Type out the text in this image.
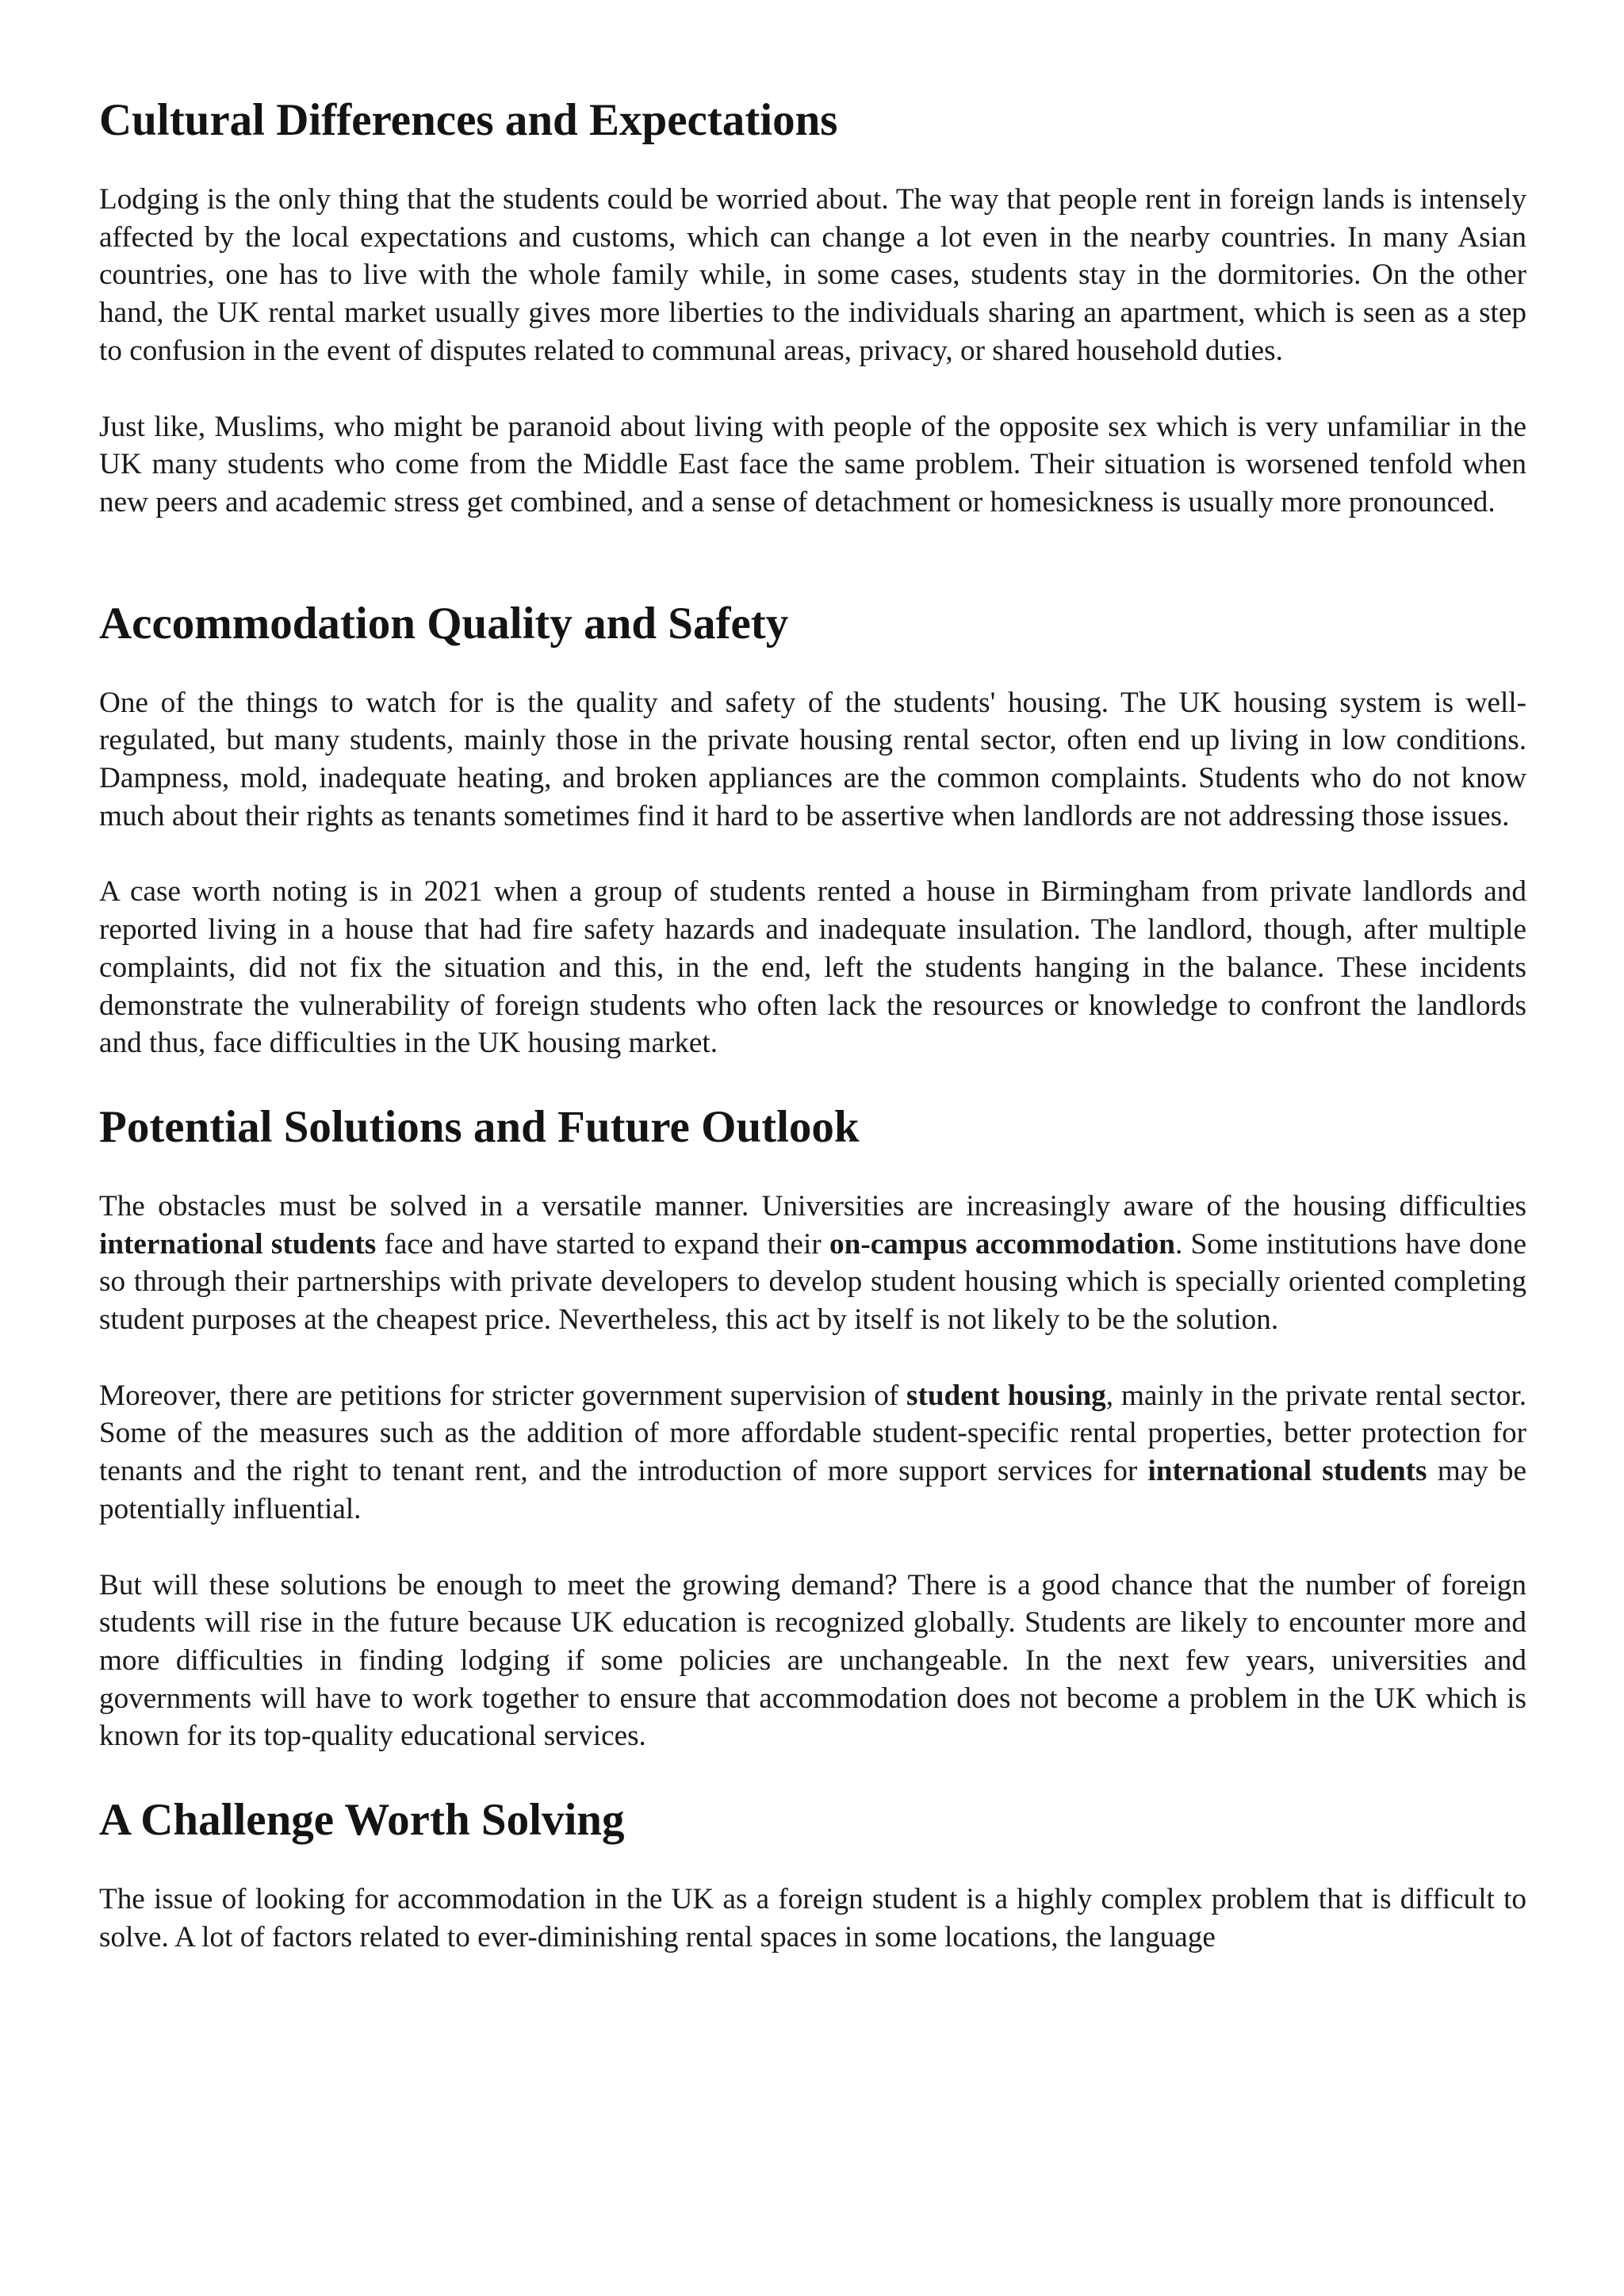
Cultural Differences and Expectations

Lodging is the only thing that the students could be worried about. The way that people rent in foreign lands is intensely affected by the local expectations and customs, which can change a lot even in the nearby countries. In many Asian countries, one has to live with the whole family while, in some cases, students stay in the dormitories. On the other hand, the UK rental market usually gives more liberties to the individuals sharing an apartment, which is seen as a step to confusion in the event of disputes related to communal areas, privacy, or shared household duties.

Just like, Muslims, who might be paranoid about living with people of the opposite sex which is very unfamiliar in the UK many students who come from the Middle East face the same problem. Their situation is worsened tenfold when new peers and academic stress get combined, and a sense of detachment or homesickness is usually more pronounced.

Accommodation Quality and Safety

One of the things to watch for is the quality and safety of the students' housing. The UK housing system is well-regulated, but many students, mainly those in the private housing rental sector, often end up living in low conditions. Dampness, mold, inadequate heating, and broken appliances are the common complaints. Students who do not know much about their rights as tenants sometimes find it hard to be assertive when landlords are not addressing those issues.

A case worth noting is in 2021 when a group of students rented a house in Birmingham from private landlords and reported living in a house that had fire safety hazards and inadequate insulation. The landlord, though, after multiple complaints, did not fix the situation and this, in the end, left the students hanging in the balance. These incidents demonstrate the vulnerability of foreign students who often lack the resources or knowledge to confront the landlords and thus, face difficulties in the UK housing market.

Potential Solutions and Future Outlook

The obstacles must be solved in a versatile manner. Universities are increasingly aware of the housing difficulties international students face and have started to expand their on-campus accommodation. Some institutions have done so through their partnerships with private developers to develop student housing which is specially oriented completing student purposes at the cheapest price. Nevertheless, this act by itself is not likely to be the solution.

Moreover, there are petitions for stricter government supervision of student housing, mainly in the private rental sector. Some of the measures such as the addition of more affordable student-specific rental properties, better protection for tenants and the right to tenant rent, and the introduction of more support services for international students may be potentially influential.

But will these solutions be enough to meet the growing demand? There is a good chance that the number of foreign students will rise in the future because UK education is recognized globally. Students are likely to encounter more and more difficulties in finding lodging if some policies are unchangeable. In the next few years, universities and governments will have to work together to ensure that accommodation does not become a problem in the UK which is known for its top-quality educational services.

A Challenge Worth Solving

The issue of looking for accommodation in the UK as a foreign student is a highly complex problem that is difficult to solve. A lot of factors related to ever-diminishing rental spaces in some locations, the language
